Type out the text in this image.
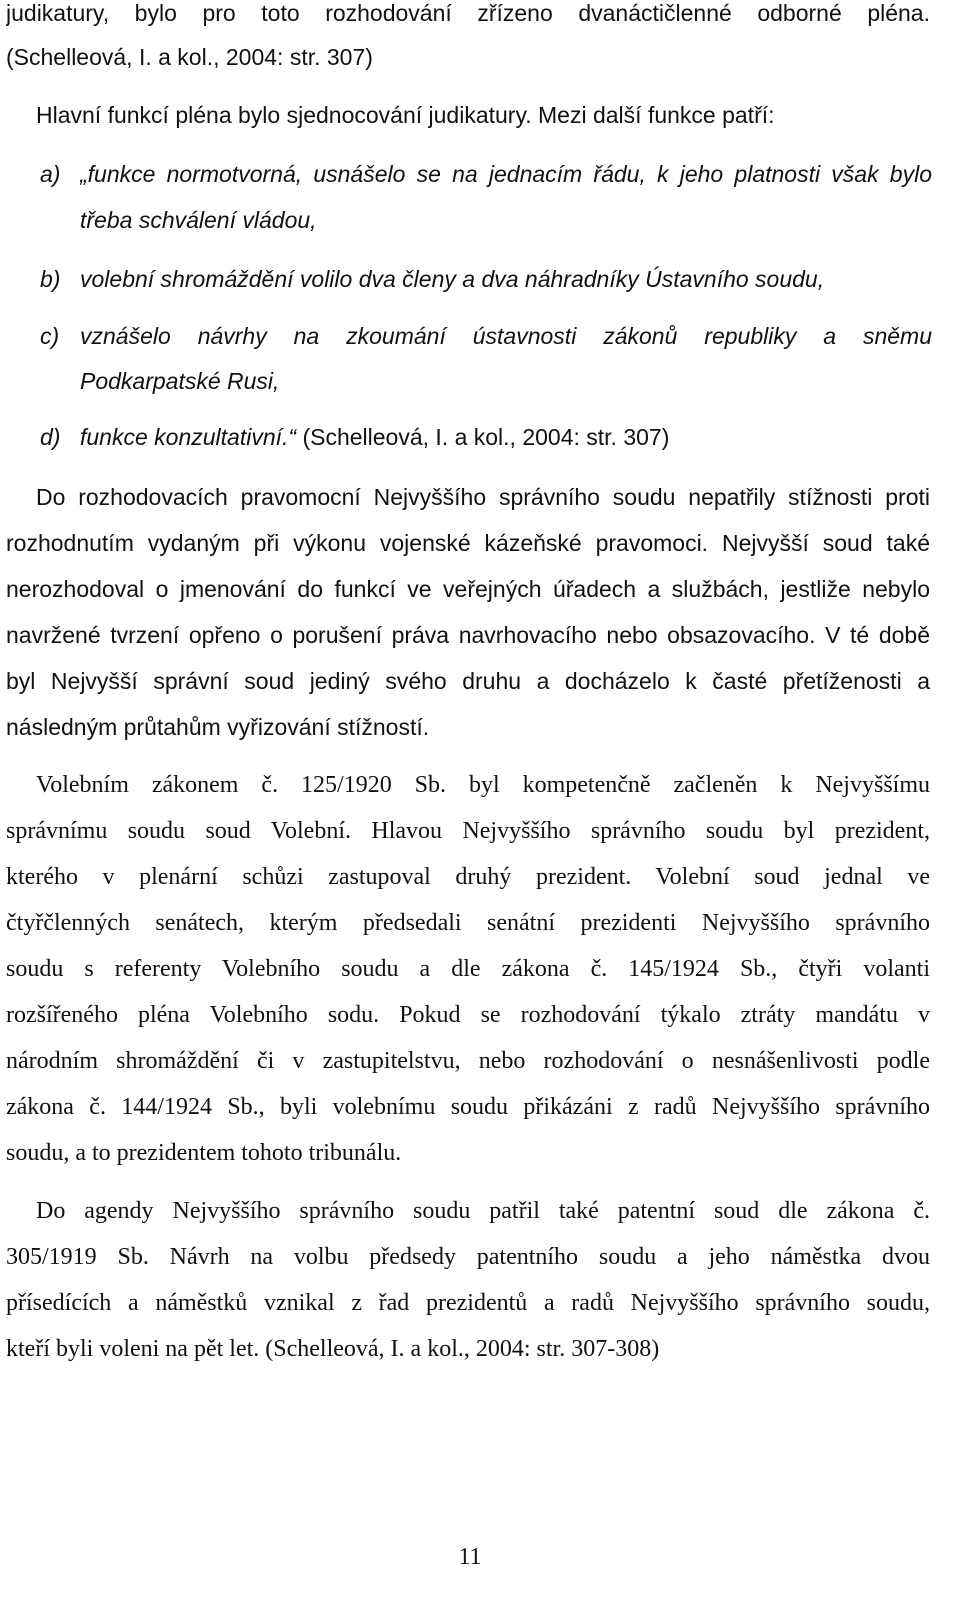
judikatury, bylo pro toto rozhodování zřízeno dvanáctičlenné odborné pléna.
(Schelleová, I. a kol., 2004: str. 307)
Hlavní funkcí pléna bylo sjednocování judikatury. Mezi další funkce patří:
a) „funkce normotvorná, usnášelo se na jednacím řádu, k jeho platnosti však bylo
třeba schválení vládou,
b) volební shromáždění volilo dva členy a dva náhradníky Ústavního soudu,
c) vznášelo návrhy na zkoumání ústavnosti zákonů republiky a sněmu
Podkarpatské Rusi,
d) funkce konzultativní.“ (Schelleová, I. a kol., 2004: str. 307)
Do rozhodovacích pravomocní Nejvyššího správního soudu nepatřily stížnosti proti
rozhodnutím vydaným při výkonu vojenské kázeňské pravomoci. Nejvyšší soud také
nerozhodoval o jmenování do funkcí ve veřejných úřadech a službách, jestliže nebylo
navržené tvrzení opřeno o porušení práva navrhovacího nebo obsazovacího. V té době
byl Nejvyšší správní soud jediný svého druhu a docházelo k časté přetíženosti a
následným průtahům vyřizování stížností.
Volebním zákonem č. 125/1920 Sb. byl kompetenčně začleněn k Nejvyššímu
správnímu soudu soud Volební. Hlavou Nejvyššího správního soudu byl prezident,
kterého v plenární schůzi zastupoval druhý prezident. Volební soud jednal ve
čtyřčlenných senátech, kterým předsedali senátní prezidenti Nejvyššího správního
soudu s referenty Volebního soudu a dle zákona č. 145/1924 Sb., čtyři volanti
rozšířeného pléna Volebního sodu. Pokud se rozhodování týkalo ztráty mandátu v
národním shromáždění či v zastupitelstvu, nebo rozhodování o nesnášenlivosti podle
zákona č. 144/1924 Sb., byli volebnímu soudu přikázáni z radů Nejvyššího správního
soudu, a to prezidentem tohoto tribunálu.
Do agendy Nejvyššího správního soudu patřil také patentní soud dle zákona č.
305/1919 Sb. Návrh na volbu předsedy patentního soudu a jeho náměstka dvou
přísedících a náměstků vznikal z řad prezidentů a radů Nejvyššího správního soudu,
kteří byli voleni na pět let. (Schelleová, I. a kol., 2004: str. 307-308)
11
